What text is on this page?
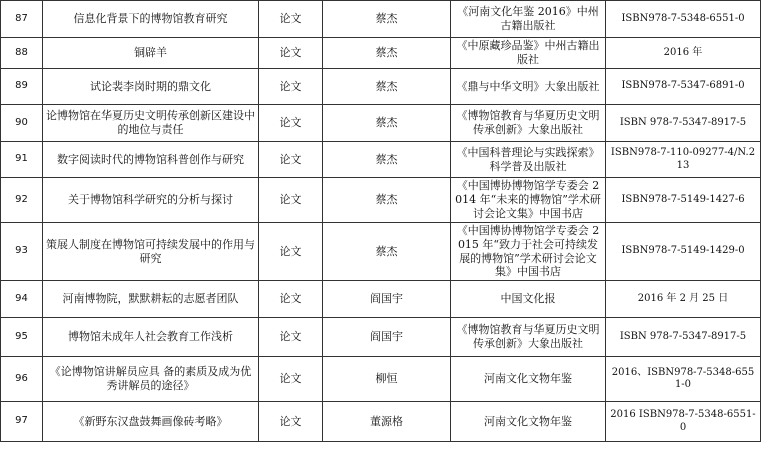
87	信息化背景下的博物馆教育研究	论文	蔡杰	《河南文化年鉴 2016》中州古籍出版社	ISBN978-7-5348-6551-0
88	铜辟羊	论文	蔡杰	《中原藏珍品鉴》中州古籍出版社	2016 年
89	试论裴李岗时期的鼎文化	论文	蔡杰	《鼎与中华文明》大象出版社	ISBN978-7-5347-6891-0
90	论博物馆在华夏历史文明传承创新区建设中的地位与责任	论文	蔡杰	《博物馆教育与华夏历史文明传承创新》大象出版社	ISBN 978-7-5347-8917-5
91	数字阅读时代的博物馆科普创作与研究	论文	蔡杰	《中国科普理论与实践探索》科学普及出版社	ISBN978-7-110-09277-4/N.213
92	关于博物馆科学研究的分析与探讨	论文	蔡杰	《中国博协博物馆学专委会 2014 年“未来的博物馆”学术研讨会论文集》中国书店	ISBN978-7-5149-1427-6
93	策展人制度在博物馆可持续发展中的作用与研究	论文	蔡杰	《中国博协博物馆学专委会 2015 年“致力于社会可持续发展的博物馆”学术研讨会论文集》中国书店	ISBN978-7-5149-1429-0
94	河南博物院，默默耕耘的志愿者团队	论文	阎国宇	中国文化报	2016 年 2 月 25 日
95	博物馆未成年人社会教育工作浅析	论文	阎国宇	《博物馆教育与华夏历史文明传承创新》大象出版社	ISBN 978-7-5347-8917-5
96	《论博物馆讲解员应具 备的素质及成为优秀讲解员的途径》	论文	柳恒	河南文化文物年鉴	2016、ISBN978-7-5348-6551-0
97	《新野东汉盘鼓舞画像砖考略》	论文	董源格	河南文化文物年鉴	2016 ISBN978-7-5348-6551-0
